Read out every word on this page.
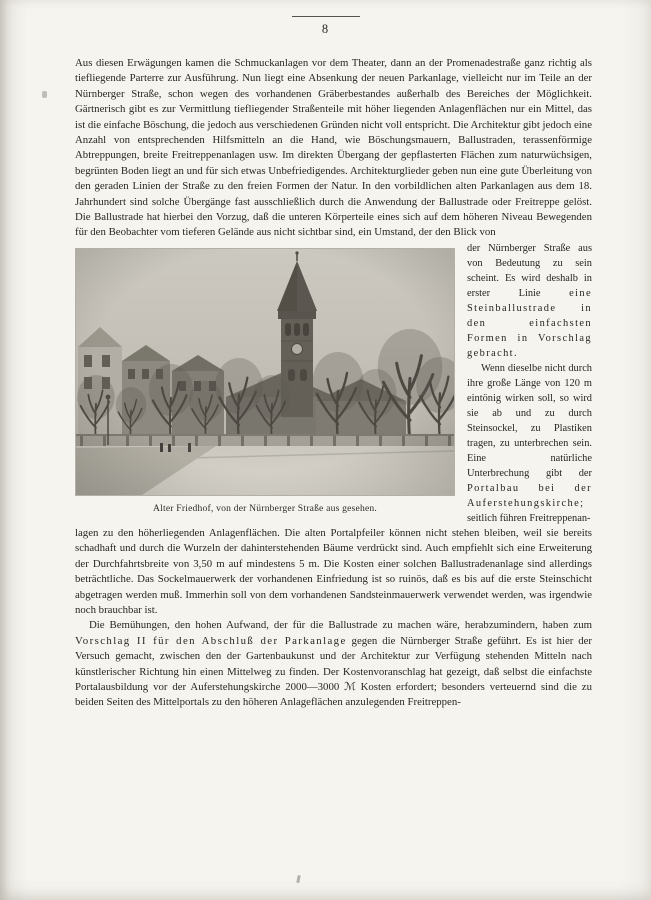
8

Aus diesen Erwägungen kamen die Schmuckanlagen vor dem Theater, dann an der Promenadestraße ganz richtig als tiefliegende Parterre zur Ausführung. Nun liegt eine Absenkung der neuen Parkanlage, vielleicht nur im Teile an der Nürnberger Straße, schon wegen des vorhandenen Gräberbestandes außerhalb des Bereiches der Möglichkeit. Gärtnerisch gibt es zur Vermittlung tiefliegender Straßenteile mit höher liegenden Anlagenflächen nur ein Mittel, das ist die einfache Böschung, die jedoch aus verschiedenen Gründen nicht voll entspricht. Die Architektur gibt jedoch eine Anzahl von entsprechenden Hilfsmitteln an die Hand, wie Böschungsmauern, Ballustraden, terassenförmige Abtreppungen, breite Freitreppenanlagen usw. Im direkten Übergang der gepflasterten Flächen zum naturwüchsigen, begrünten Boden liegt an und für sich etwas Unbefriedigendes. Architekturglieder geben nun eine gute Überleitung von den geraden Linien der Straße zu den freien Formen der Natur. In den vorbildlichen alten Parkanlagen aus dem 18. Jahrhundert sind solche Übergänge fast ausschließlich durch die Anwendung der Ballustrade oder Freitreppe gelöst. Die Ballustrade hat hierbei den Vorzug, daß die unteren Körperteile eines sich auf dem höheren Niveau Bewegenden für den Beobachter vom tieferen Gelände aus nicht sichtbar sind, ein Umstand, der den Blick von

Alter Friedhof, von der Nürnberger Straße aus gesehen.

der Nürnberger Straße aus von Bedeutung zu sein scheint. Es wird deshalb in erster Linie	eine Steinballustrade in den einfachsten Formen in Vorschlag gebracht.

Wenn dieselbe nicht durch ihre große Länge von 120 m eintönig wirken soll, so wird sie ab und zu durch Steinsockel, zu Plastiken tragen, zu unterbrechen sein. Eine natürliche Unterbrechung gibt der Portalbau bei der Auferstehungskirche; seitlich führen Freitreppenan-

lagen zu den höherliegenden Anlagenflächen. Die alten Portalpfeiler können nicht stehen bleiben, weil sie bereits schadhaft und durch die Wurzeln der dahinterstehenden Bäume verdrückt sind. Auch empfiehlt sich eine Erweiterung der Durchfahrtsbreite von 3,50 m auf mindestens 5 m. Die Kosten einer solchen Ballustradenanlage sind allerdings beträchtliche. Das Sockelmauerwerk der vorhandenen Einfriedung ist so ruinös, daß es bis auf die erste Steinschicht abgetragen werden muß. Immerhin soll von dem vorhandenen Sandsteinmauerwerk verwendet werden, was irgendwie noch brauchbar ist.

Die Bemühungen, den hohen Aufwand, der für die Ballustrade zu machen wäre, herabzumindern, haben zum Vorschlag II für den Abschluß der Parkanlage gegen die Nürnberger Straße geführt. Es ist hier der Versuch gemacht, zwischen den der Gartenbaukunst und der Architektur zur Verfügung stehenden Mitteln nach künstlerischer Richtung hin einen Mittelweg zu finden. Der Kostenvoranschlag hat gezeigt, daß selbst die einfachste Portalausbildung vor der Auferstehungskirche 2000—3000 ℳ Kosten erfordert; besonders verteuernd sind die zu beiden Seiten des Mittelportals zu den höheren Anlageflächen anzulegenden Freitreppen-
